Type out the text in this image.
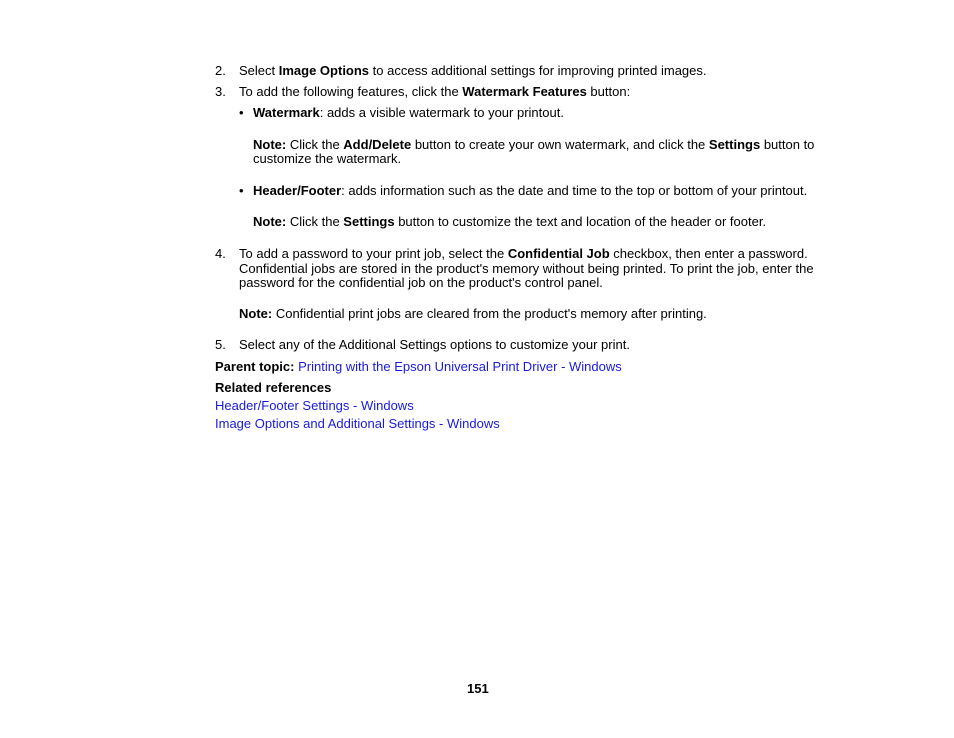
2.	Select Image Options to access additional settings for improving printed images.
3.	To add the following features, click the Watermark Features button:
• Watermark: adds a visible watermark to your printout.
Note: Click the Add/Delete button to create your own watermark, and click the Settings button to
customize the watermark.
• Header/Footer: adds information such as the date and time to the top or bottom of your printout.
Note: Click the Settings button to customize the text and location of the header or footer.
4.	To add a password to your print job, select the Confidential Job checkbox, then enter a password.
Confidential jobs are stored in the product's memory without being printed. To print the job, enter the
password for the confidential job on the product's control panel.
Note: Confidential print jobs are cleared from the product's memory after printing.
5.	Select any of the Additional Settings options to customize your print.
Parent topic: Printing with the Epson Universal Print Driver - Windows
Related references
Header/Footer Settings - Windows
Image Options and Additional Settings - Windows
151
